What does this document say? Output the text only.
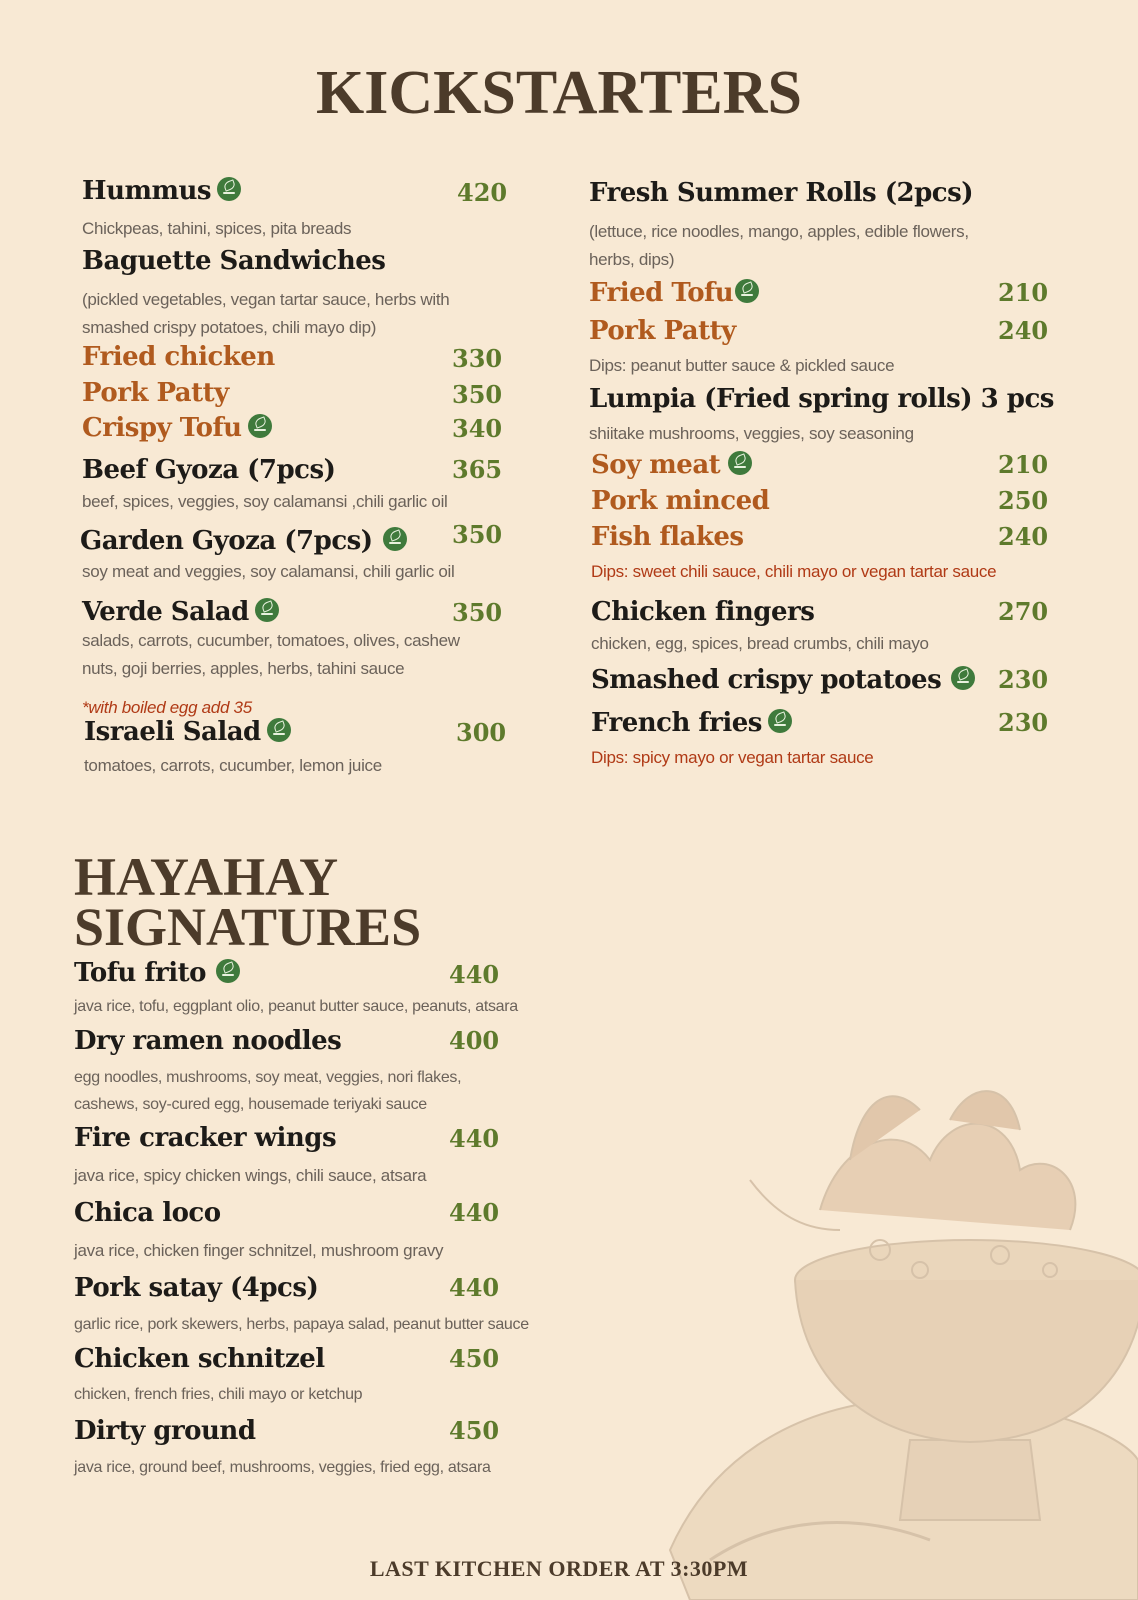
KICKSTARTERS
Hummus	420
Chickpeas, tahini, spices, pita breads
Baguette Sandwiches
(pickled vegetables, vegan tartar sauce, herbs with smashed crispy potatoes, chili mayo dip)
Fried chicken	330
Pork Patty	350
Crispy Tofu	340
Beef Gyoza (7pcs)	365
beef, spices, veggies, soy calamansi ,chili garlic oil
Garden Gyoza (7pcs)	350
soy meat and veggies, soy calamansi, chili garlic oil
Verde Salad	350
salads, carrots, cucumber, tomatoes, olives, cashew nuts, goji berries, apples, herbs, tahini sauce
*with boiled egg add 35
Israeli Salad	300
tomatoes, carrots, cucumber, lemon juice
Fresh Summer Rolls (2pcs)
(lettuce, rice noodles, mango, apples, edible flowers, herbs, dips)
Fried Tofu	210
Pork Patty	240
Dips: peanut butter sauce & pickled sauce
Lumpia (Fried spring rolls) 3 pcs
shiitake mushrooms, veggies, soy seasoning
Soy meat	210
Pork minced	250
Fish flakes	240
Dips: sweet chili sauce, chili mayo or vegan tartar sauce
Chicken fingers	270
chicken, egg, spices, bread crumbs, chili mayo
Smashed crispy potatoes	230
French fries	230
Dips: spicy mayo or vegan tartar sauce
HAYAHAY
SIGNATURES
Tofu frito	440
java rice, tofu, eggplant olio, peanut butter sauce, peanuts, atsara
Dry ramen noodles	400
egg noodles, mushrooms, soy meat, veggies, nori flakes, cashews, soy-cured egg, housemade teriyaki sauce
Fire cracker wings	440
java rice, spicy chicken wings, chili sauce, atsara
Chica loco	440
java rice, chicken finger schnitzel, mushroom gravy
Pork satay (4pcs)	440
garlic rice, pork skewers, herbs, papaya salad, peanut butter sauce
Chicken schnitzel	450
chicken, french fries, chili mayo or ketchup
Dirty ground	450
java rice, ground beef, mushrooms, veggies, fried egg, atsara
LAST KITCHEN ORDER AT 3:30PM
